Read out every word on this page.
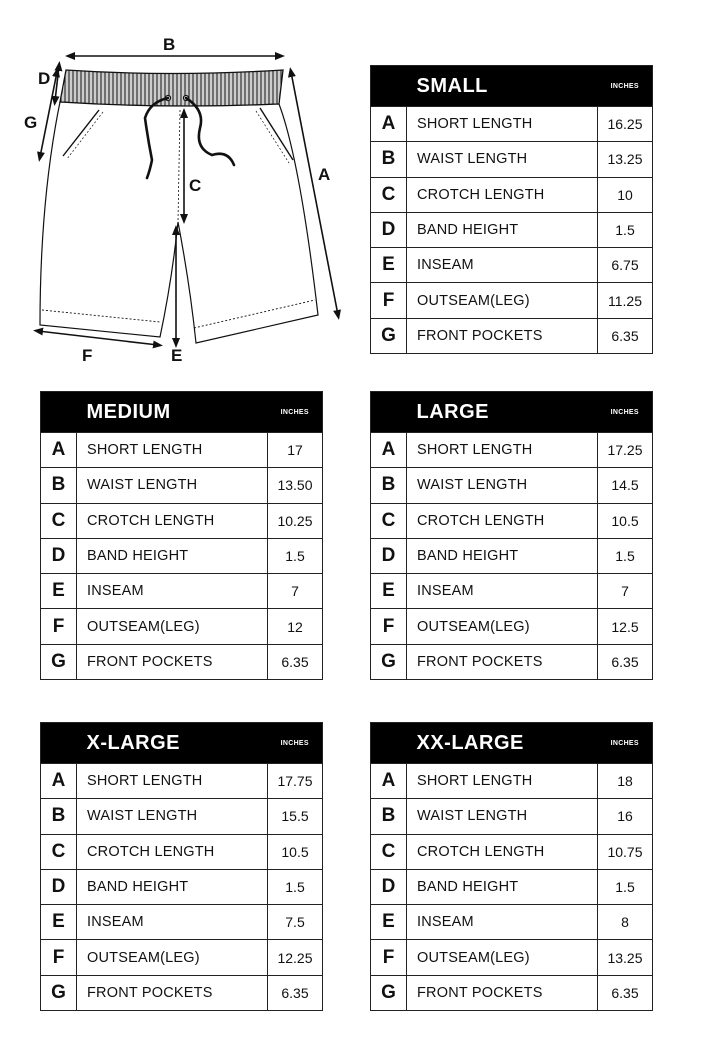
B
D
G
A
C
F	E
	SMALL	INCHES
A	SHORT LENGTH	16.25
B	WAIST LENGTH	13.25
C	CROTCH LENGTH	10
D	BAND HEIGHT	1.5
E	INSEAM	6.75
F	OUTSEAM(LEG)	11.25
G	FRONT POCKETS	6.35
	MEDIUM	INCHES
A	SHORT LENGTH	17
B	WAIST LENGTH	13.50
C	CROTCH LENGTH	10.25
D	BAND HEIGHT	1.5
E	INSEAM	7
F	OUTSEAM(LEG)	12
G	FRONT POCKETS	6.35
	LARGE	INCHES
A	SHORT LENGTH	17.25
B	WAIST LENGTH	14.5
C	CROTCH LENGTH	10.5
D	BAND HEIGHT	1.5
E	INSEAM	7
F	OUTSEAM(LEG)	12.5
G	FRONT POCKETS	6.35
	X-LARGE	INCHES
A	SHORT LENGTH	17.75
B	WAIST LENGTH	15.5
C	CROTCH LENGTH	10.5
D	BAND HEIGHT	1.5
E	INSEAM	7.5
F	OUTSEAM(LEG)	12.25
G	FRONT POCKETS	6.35
	XX-LARGE	INCHES
A	SHORT LENGTH	18
B	WAIST LENGTH	16
C	CROTCH LENGTH	10.75
D	BAND HEIGHT	1.5
E	INSEAM	8
F	OUTSEAM(LEG)	13.25
G	FRONT POCKETS	6.35
